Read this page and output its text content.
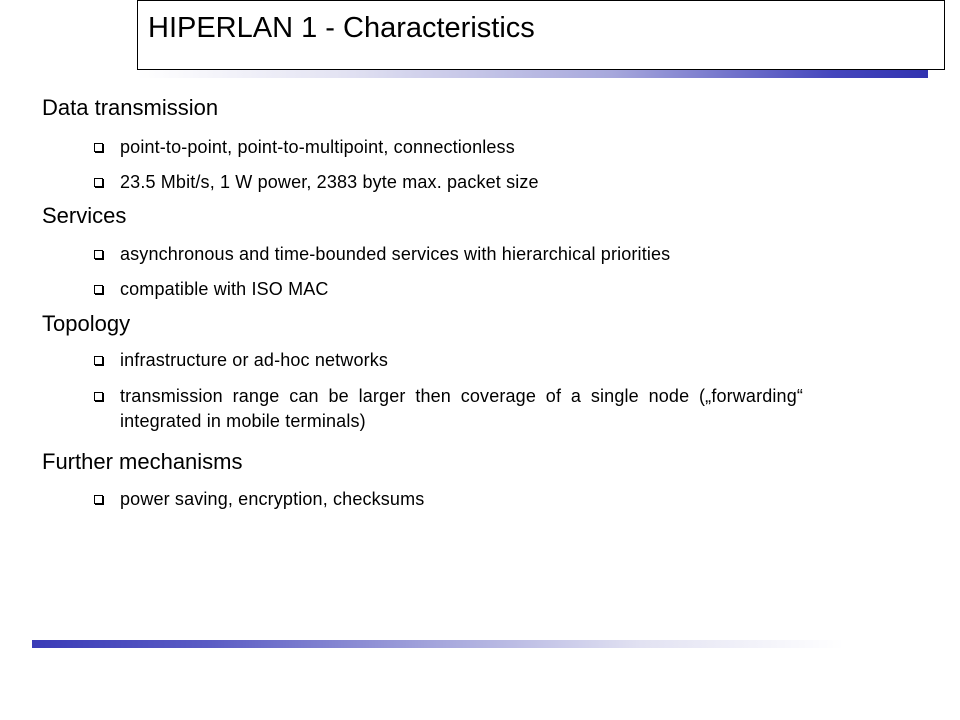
HIPERLAN 1 - Characteristics
Data transmission
point-to-point, point-to-multipoint, connectionless
23.5 Mbit/s, 1 W power, 2383 byte max. packet size
Services
asynchronous and time-bounded services with hierarchical priorities
compatible with ISO MAC
Topology
infrastructure or ad-hoc networks
transmission range can be larger then coverage of a single node („forwarding“ integrated in mobile terminals)
Further mechanisms
power saving, encryption, checksums
